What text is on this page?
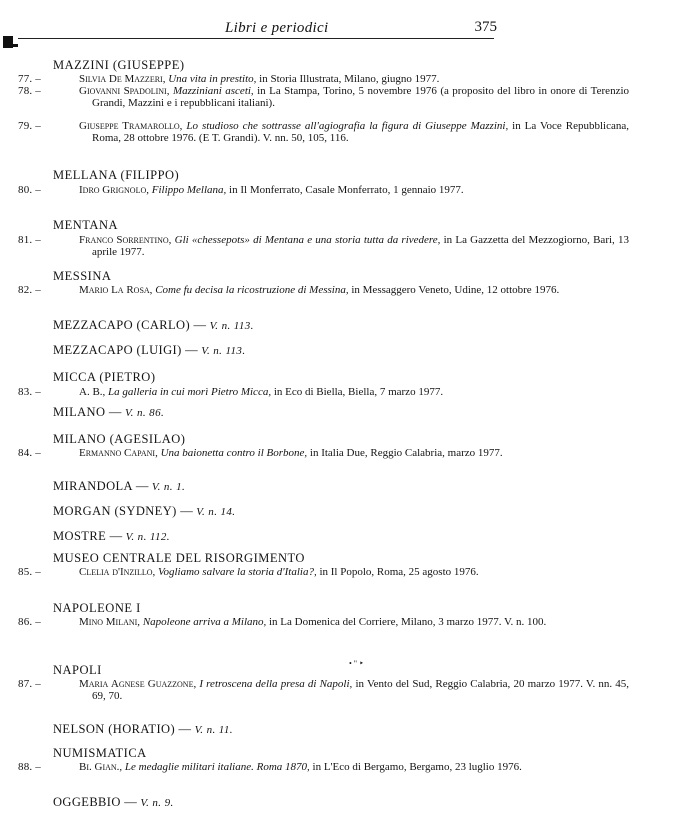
Libri e periodici	375
MAZZINI (GIUSEPPE)
77. –	Silvia De Mazzeri, Una vita in prestito, in Storia Illustrata, Milano, giugno 1977.
78. –	Giovanni Spadolini, Mazziniani asceti, in La Stampa, Torino, 5 novembre 1976 (a proposito del libro in onore di Terenzio Grandi, Mazzini e i repubblicani italiani).
79. –	Giuseppe Tramarollo, Lo studioso che sottrasse all'agiografia la figura di Giuseppe Mazzini, in La Voce Repubblicana, Roma, 28 ottobre 1976. (E T. Grandi). V. nn. 50, 105, 116.
MELLANA (FILIPPO)
80. –	Idro Grignolo, Filippo Mellana, in Il Monferrato, Casale Monferrato, 1 gennaio 1977.
MENTANA
81. –	Franco Sorrentino, Gli «chessepots» di Mentana e una storia tutta da rivedere, in La Gazzetta del Mezzogiorno, Bari, 13 aprile 1977.
MESSINA
82. –	Mario La Rosa, Come fu decisa la ricostruzione di Messina, in Messaggero Veneto, Udine, 12 ottobre 1976.
MEZZACAPO (CARLO) — V. n. 113.
MEZZACAPO (LUIGI) — V. n. 113.
MICCA (PIETRO)
83. –	A. B., La galleria in cui morì Pietro Micca, in Eco di Biella, Biella, 7 marzo 1977.
MILANO — V. n. 86.
MILANO (AGESILAO)
84. –	Ermanno Capani, Una baionetta contro il Borbone, in Italia Due, Reggio Calabria, marzo 1977.
MIRANDOLA — V. n. 1.
MORGAN (SYDNEY) — V. n. 14.
MOSTRE — V. n. 112.
MUSEO CENTRALE DEL RISORGIMENTO
85. –	Clelia d'Inzillo, Vogliamo salvare la storia d'Italia?, in Il Popolo, Roma, 25 agosto 1976.
NAPOLEONE I
86. –	Mino Milani, Napoleone arriva a Milano, in La Domenica del Corriere, Milano, 3 marzo 1977. V. n. 100.
NAPOLI
87. –	Maria Agnese Guazzone, I retroscena della presa di Napoli, in Vento del Sud, Reggio Calabria, 20 marzo 1977. V. nn. 45, 69, 70.
NELSON (HORATIO) — V. n. 11.
NUMISMATICA
88. –	Bi. Gian., Le medaglie militari italiane. Roma 1870, in L'Eco di Bergamo, Bergamo, 23 luglio 1976.
OGGEBBIO — V. n. 9.
• " ‣
